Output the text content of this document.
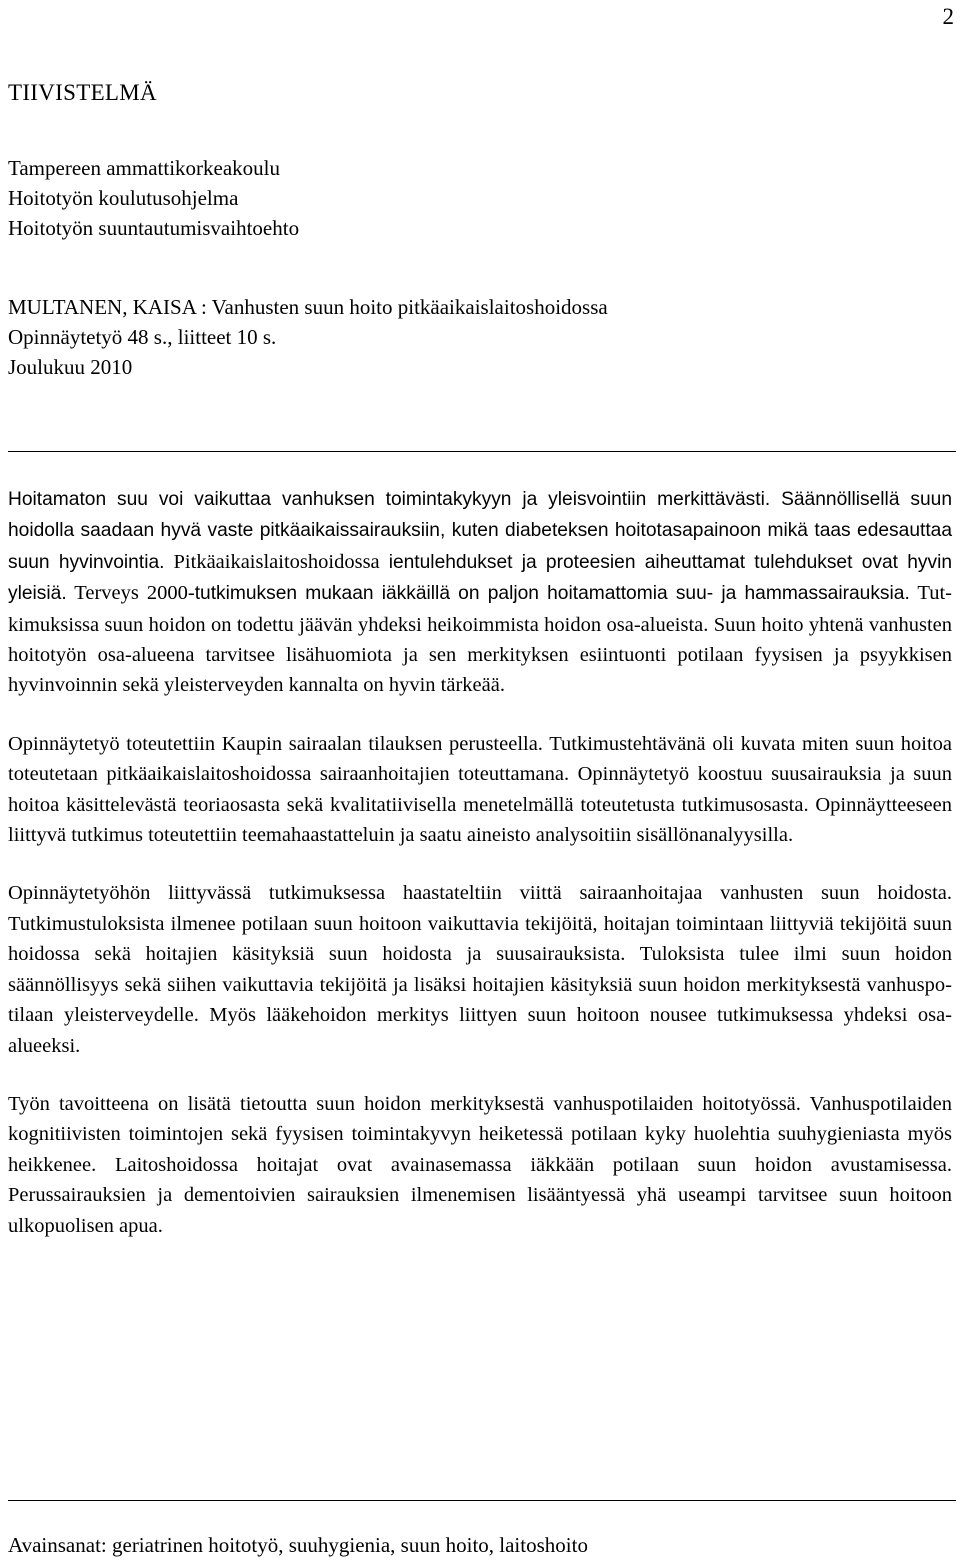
2
TIIVISTELMÄ
Tampereen ammattikorkeakoulu
Hoitotyön koulutusohjelma
Hoitotyön suuntautumisvaihtoehto
MULTANEN, KAISA : Vanhusten suun hoito pitkäaikaislaitoshoidossa
Opinnäytetyö 48 s., liitteet 10 s.
Joulukuu 2010

Hoitamaton suu voi vaikuttaa vanhuksen toimintakykyyn ja yleisvointiin merkittävästi. Säännöllisellä suun hoidolla saadaan hyvä vaste pitkäaikaissairauksiin, kuten diabeteksen hoitotasapainoon mikä taas edesauttaa suun hyvinvointia. Pitkäaikaislaitoshoidossa ientulehdukset ja proteesien aiheuttamat tulehdukset ovat hyvin yleisiä. Terveys 2000-tutkimuksen mukaan iäkkäillä on paljon hoitamattomia suu- ja hammassairauksia. Tutkimuksissa suun hoidon on todettu jäävän yhdeksi heikoimmista hoidon osa-alueista. Suun hoito yhtenä vanhusten hoitotyön osa-alueena tarvitsee lisähuomiota ja sen merkityksen esiintuonti potilaan fyysisen ja psyykkisen hyvinvoinnin sekä yleisterveyden kannalta on hyvin tärkeää.

Opinnäytetyö toteutettiin Kaupin sairaalan tilauksen perusteella. Tutkimustehtävänä oli kuvata miten suun hoitoa toteutetaan pitkäaikaislaitoshoidossa sairaanhoitajien toteuttamana. Opinnäytetyö koostuu suusairauksia ja suun hoitoa käsittelevästä teoriaosasta sekä kvalitatiivisella menetelmällä toteutetusta tutkimusosasta. Opinnäytteeseen liittyvä tutkimus toteutettiin teemahaastatteluin ja saatu aineisto analysoitiin sisällönanalyysilla.

Opinnäytetyöhön liittyvässä tutkimuksessa haastateltiin viittä sairaanhoitajaa vanhusten suun hoidosta. Tutkimustuloksista ilmenee potilaan suun hoitoon vaikuttavia tekijöitä, hoitajan toimintaan liittyviä tekijöitä suun hoidossa sekä hoitajien käsityksiä suun hoidosta ja suusairauksista. Tuloksista tulee ilmi suun hoidon säännöllisyys sekä siihen vaikuttavia tekijöitä ja lisäksi hoitajien käsityksiä suun hoidon merkityksestä vanhuspotilaan yleisterveydelle. Myös lääkehoidon merkitys liittyen suun hoitoon nousee tutkimuksessa yhdeksi osa-alueeksi.

Työn tavoitteena on lisätä tietoutta suun hoidon merkityksestä vanhuspotilaiden hoitotyössä. Vanhuspotilaiden kognitiivisten toimintojen sekä fyysisen toimintakyvyn heiketessä potilaan kyky huolehtia suuhygieniasta myös heikkenee. Laitoshoidossa hoitajat ovat avainasemassa iäkkään potilaan suun hoidon avustamisessa. Perussairauksien ja dementoivien sairauksien ilmenemisen lisääntyessä yhä useampi tarvitsee suun hoitoon ulkopuolisen apua.

Avainsanat: geriatrinen hoitotyö, suuhygienia, suun hoito, laitoshoito
